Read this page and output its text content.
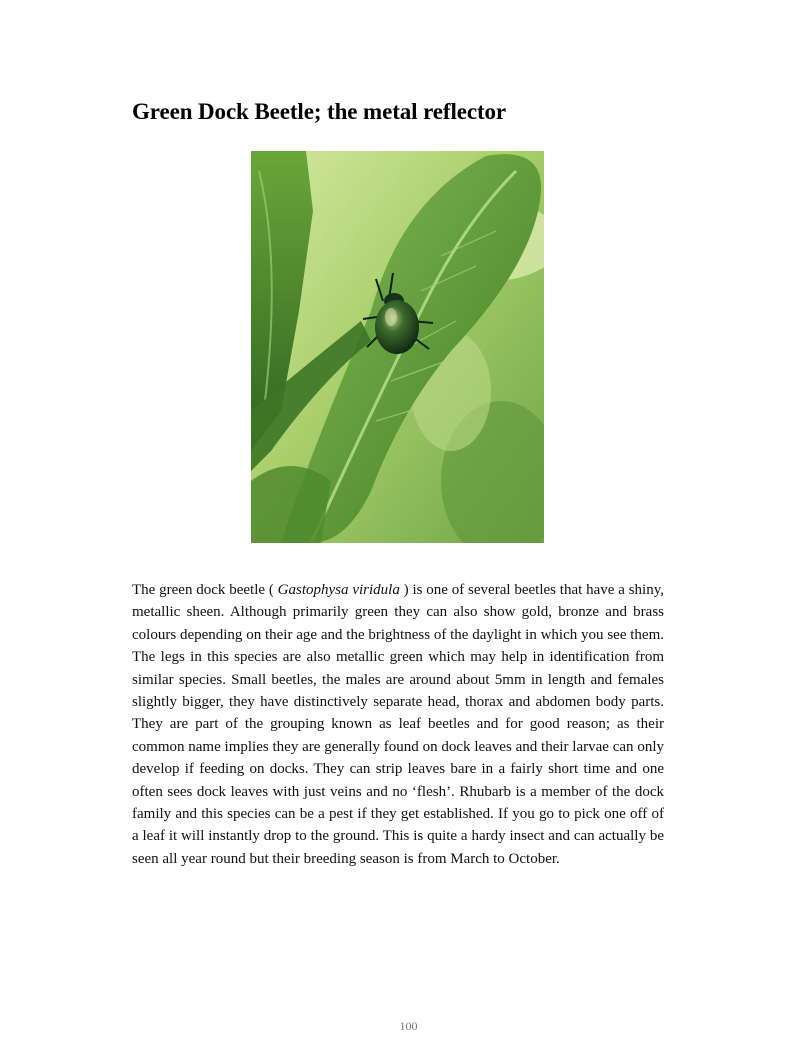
Green Dock Beetle; the metal reflector

The green dock beetle ( Gastophysa viridula ) is one of several beetles that have a shiny, metallic sheen. Although primarily green they can also show gold, bronze and brass colours depending on their age and the brightness of the daylight in which you see them. The legs in this species are also metallic green which may help in identification from similar species. Small beetles, the males are around about 5mm in length and females slightly bigger, they have distinctively separate head, thorax and abdomen body parts. They are part of the grouping known as leaf beetles and for good reason; as their common name implies they are generally found on dock leaves and their larvae can only develop if feeding on docks. They can strip leaves bare in a fairly short time and one often sees dock leaves with just veins and no ‘flesh’. Rhubarb is a member of the dock family and this species can be a pest if they get established. If you go to pick one off of a leaf it will instantly drop to the ground. This is quite a hardy insect and can actually be seen all year round but their breeding season is from March to October.

100
